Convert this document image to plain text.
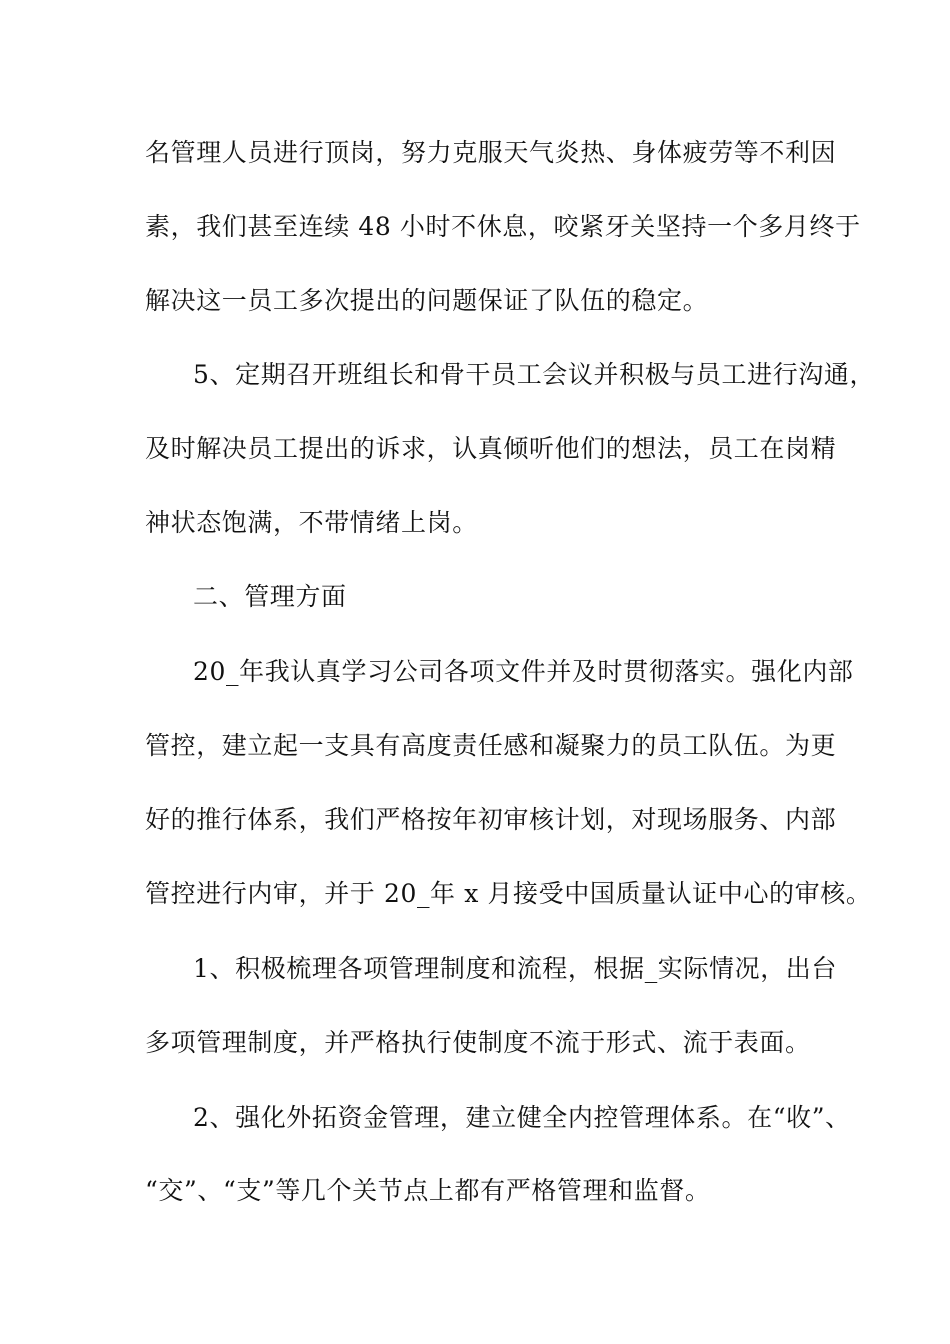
名管理人员进行顶岗，努力克服天气炎热、身体疲劳等不利因
素，我们甚至连续 48 小时不休息，咬紧牙关坚持一个多月终于
解决这一员工多次提出的问题保证了队伍的稳定。
5、定期召开班组长和骨干员工会议并积极与员工进行沟通，
及时解决员工提出的诉求，认真倾听他们的想法，员工在岗精
神状态饱满，不带情绪上岗。
二、管理方面
20_年我认真学习公司各项文件并及时贯彻落实。强化内部
管控，建立起一支具有高度责任感和凝聚力的员工队伍。为更
好的推行体系，我们严格按年初审核计划，对现场服务、内部
管控进行内审，并于 20_年 x 月接受中国质量认证中心的审核。
1、积极梳理各项管理制度和流程，根据_实际情况，出台
多项管理制度，并严格执行使制度不流于形式、流于表面。
2、强化外拓资金管理，建立健全内控管理体系。在“收”、
“交”、“支”等几个关节点上都有严格管理和监督。
